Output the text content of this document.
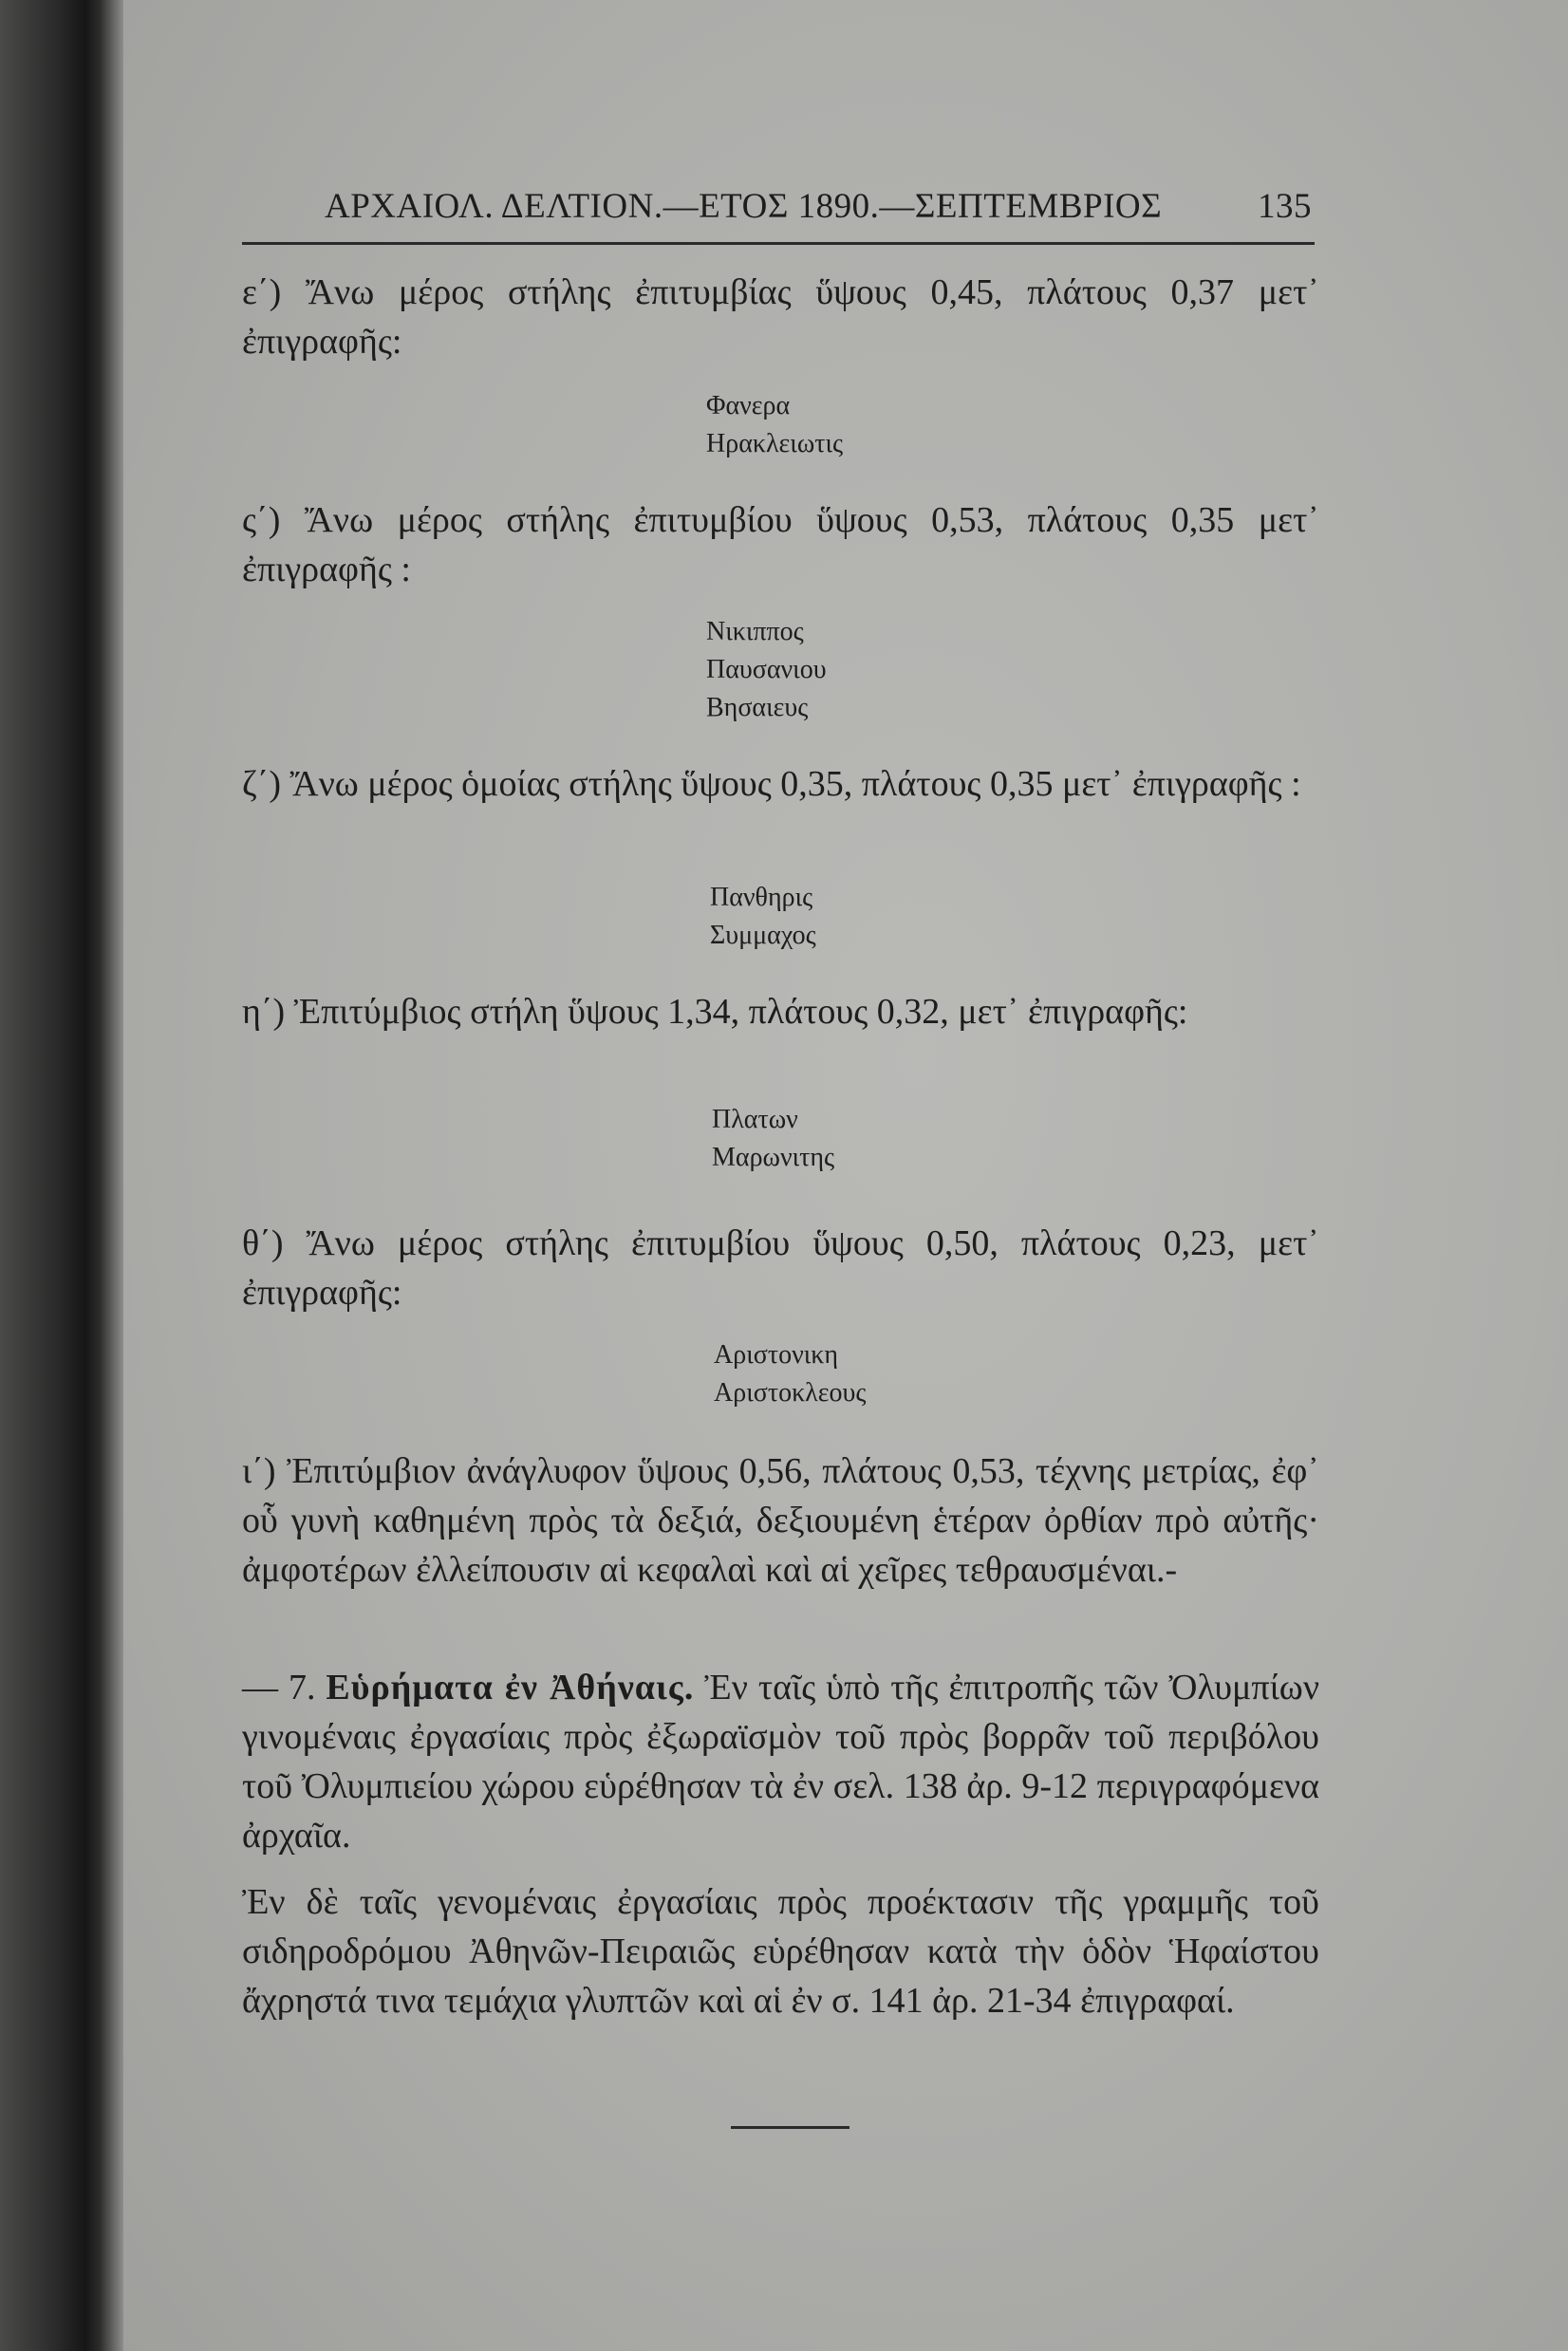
ΑΡΧΑΙΟΛ. ΔΕΛΤΙΟΝ.—ΕΤΟΣ 1890.—ΣΕΠΤΕΜΒΡΙΟΣ	135

ε΄) Ἄνω μέρος στήλης ἐπιτυμβίας ὕψους 0,45, πλάτους 0,37 μετ᾽ ἐπιγραφῆς:

Φανερα
Ηρακλειωτις

ς΄) Ἄνω μέρος στήλης ἐπιτυμβίου ὕψους 0,53, πλάτους 0,35 μετ᾽ ἐπιγραφῆς :

Νικιππος
Παυσανιου
Βησαιευς

ζ΄) Ἄνω μέρος ὁμοίας στήλης ὕψους 0,35, πλάτους 0,35 μετ᾽ ἐπιγραφῆς :

Πανθηρις
Συμμαχος

η΄) Ἐπιτύμβιος στήλη ὕψους 1,34, πλάτους 0,32, μετ᾽ ἐπιγραφῆς:

Πλατων
Μαρωνιτης

θ΄) Ἄνω μέρος στήλης ἐπιτυμβίου ὕψους 0,50, πλάτους 0,23, μετ᾽ ἐπιγραφῆς:

Αριστονικη
Αριστοκλεους

ι΄) Ἐπιτύμβιον ἀνάγλυφον ὕψους 0,56, πλάτους 0,53, τέχνης μετρίας, ἐφ᾽ οὗ γυνὴ καθημένη πρὸς τὰ δεξιά, δεξιουμένη ἑτέραν ὀρθίαν πρὸ αὐτῆς· ἀμφοτέρων ἐλλείπουσιν αἱ κεφαλαὶ καὶ αἱ χεῖρες τεθραυσμέναι.-

— 7. Εὑρήματα ἐν Ἀθήναις. Ἐν ταῖς ὑπὸ τῆς ἐπιτροπῆς τῶν Ὀλυμπίων γινομέναις ἐργασίαις πρὸς ἐξωραϊσμὸν τοῦ πρὸς βορρᾶν τοῦ περιβόλου τοῦ Ὀλυμπιείου χώρου εὑρέθησαν τὰ ἐν σελ. 138 ἀρ. 9-12 περιγραφόμενα ἀρχαῖα.

Ἐν δὲ ταῖς γενομέναις ἐργασίαις πρὸς προέκτασιν τῆς γραμμῆς τοῦ σιδηροδρόμου Ἀθηνῶν-Πειραιῶς εὑρέθησαν κατὰ τὴν ὁδὸν Ἡφαίστου ἄχρηστά τινα τεμάχια γλυπτῶν καὶ αἱ ἐν σ. 141 ἀρ. 21-34 ἐπιγραφαί.
